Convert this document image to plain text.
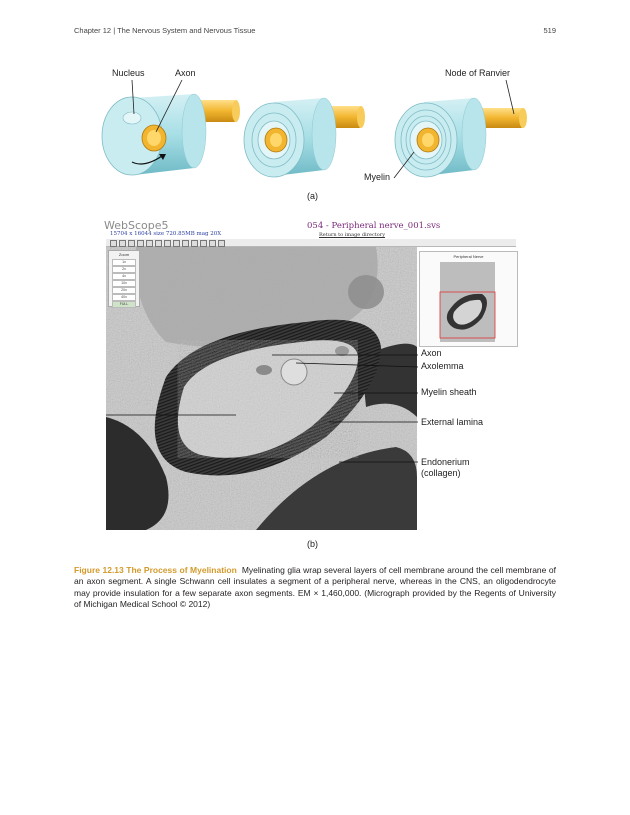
Chapter 12 | The Nervous System and Nervous Tissue	519
Nucleus	Axon	Node of Ranvier
Myelin
(a)
WebScope5	054 - Peripheral nerve_001.svs
15704 x 16044 size 720.85MB mag 20X	Return to image directory
Zoom
1x
2x
4x
10x
20x
40x
FULL
Peripheral Nerve
Axon
Axolemma
Myelin sheath
External lamina
Endonerium
(collagen)
(b)
Figure 12.13 The Process of Myelination Myelinating glia wrap several layers of cell membrane around the cell membrane of an axon segment. A single Schwann cell insulates a segment of a peripheral nerve, whereas in the CNS, an oligodendrocyte may provide insulation for a few separate axon segments. EM × 1,460,000. (Micrograph provided by the Regents of University of Michigan Medical School © 2012)
